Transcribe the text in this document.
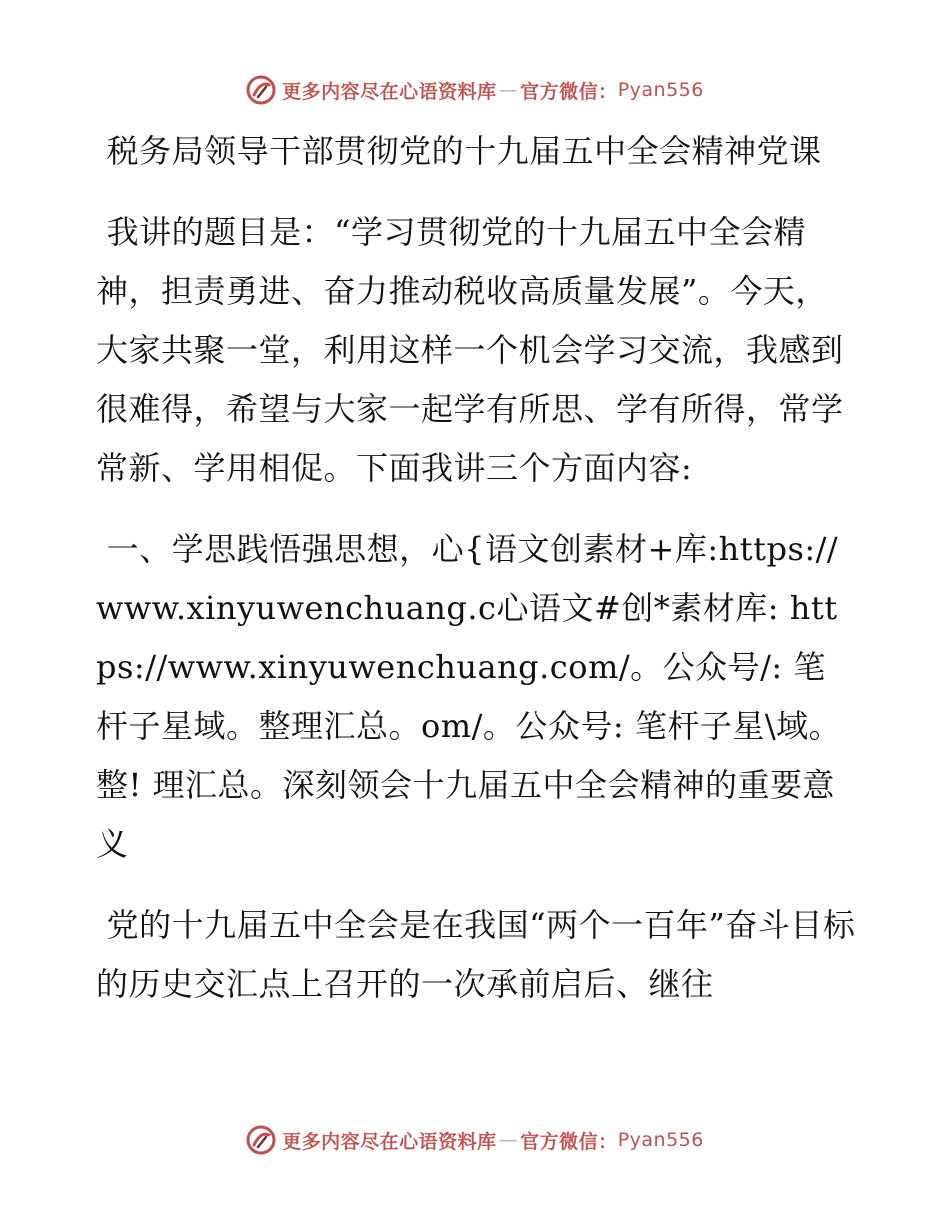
更多内容尽在心语资料库 — 官方微信： Pyan556

税务局领导干部贯彻党的十九届五中全会精神党课

我讲的题目是：“学习贯彻党的十九届五中全会精神，担责勇进、奋力推动税收高质量发展”。今天，大家共聚一堂，利用这样一个机会学习交流，我感到很难得，希望与大家一起学有所思、学有所得，常学常新、学用相促。下面我讲三个方面内容:

一、学思践悟强思想，心{语文创素材+库:https://www.xinyuwenchuang.c心语文#创*素材库: https://www.xinyuwenchuang.com/。公众号/: 笔杆子星域。整理汇总。om/。公众号: 笔杆子星\域。整! 理汇总。深刻领会十九届五中全会精神的重要意义

党的十九届五中全会是在我国“两个一百年”奋斗目标的历史交汇点上召开的一次承前启后、继往

更多内容尽在心语资料库 — 官方微信： Pyan556
